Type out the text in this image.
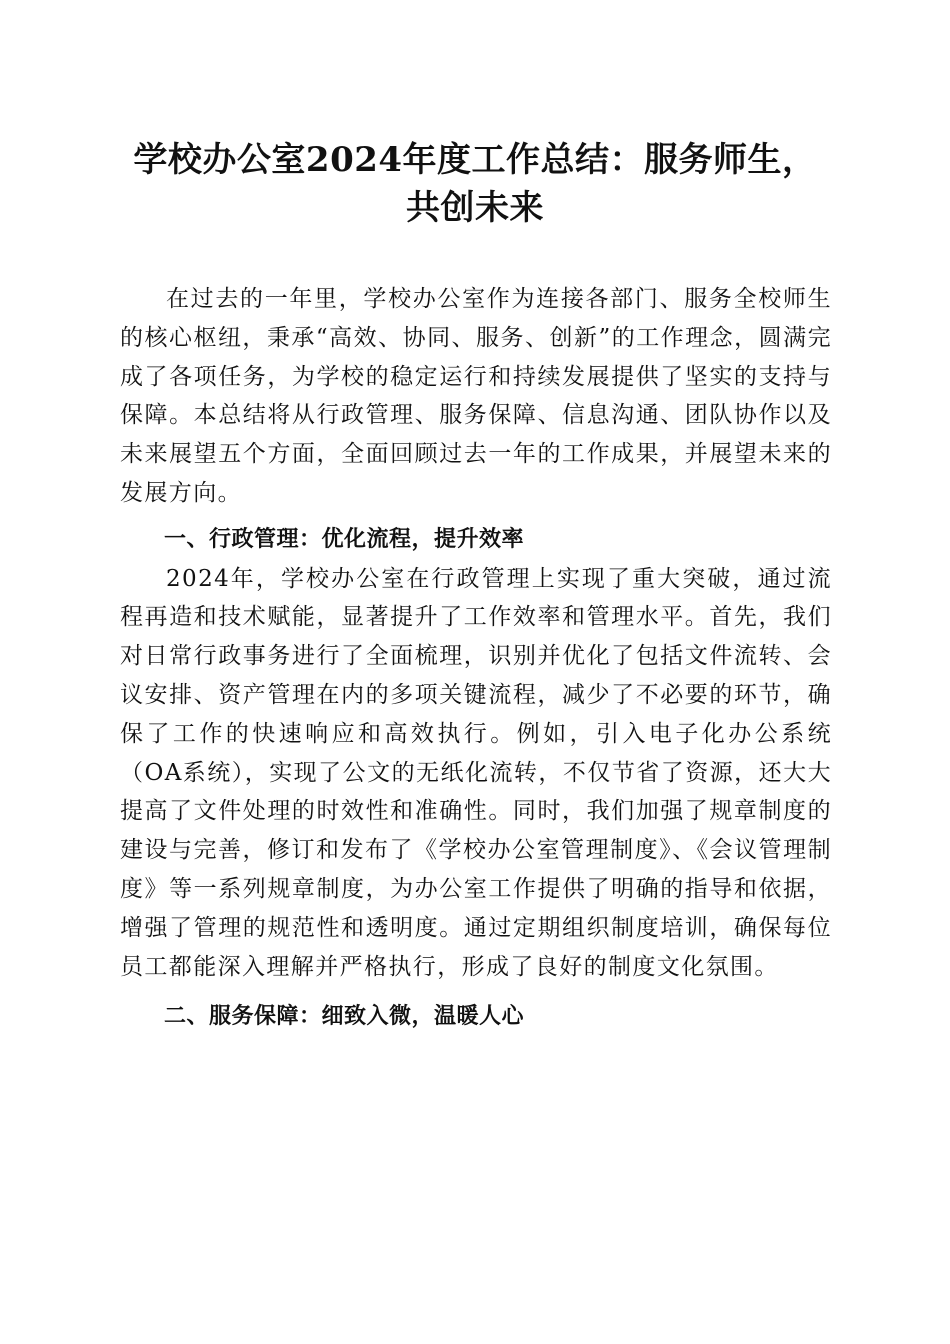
学校办公室2024年度工作总结：服务师生，
共创未来

在过去的一年里，学校办公室作为连接各部门、服务全校师生的核心枢纽，秉承“高效、协同、服务、创新”的工作理念，圆满完成了各项任务，为学校的稳定运行和持续发展提供了坚实的支持与保障。本总结将从行政管理、服务保障、信息沟通、团队协作以及未来展望五个方面，全面回顾过去一年的工作成果，并展望未来的发展方向。

一、行政管理：优化流程，提升效率

2024年，学校办公室在行政管理上实现了重大突破，通过流程再造和技术赋能，显著提升了工作效率和管理水平。首先，我们对日常行政事务进行了全面梳理，识别并优化了包括文件流转、会议安排、资产管理在内的多项关键流程，减少了不必要的环节，确保了工作的快速响应和高效执行。例如，引入电子化办公系统（OA系统），实现了公文的无纸化流转，不仅节省了资源，还大大提高了文件处理的时效性和准确性。同时，我们加强了规章制度的建设与完善，修订和发布了《学校办公室管理制度》、《会议管理制度》等一系列规章制度，为办公室工作提供了明确的指导和依据，增强了管理的规范性和透明度。通过定期组织制度培训，确保每位员工都能深入理解并严格执行，形成了良好的制度文化氛围。

二、服务保障：细致入微，温暖人心
